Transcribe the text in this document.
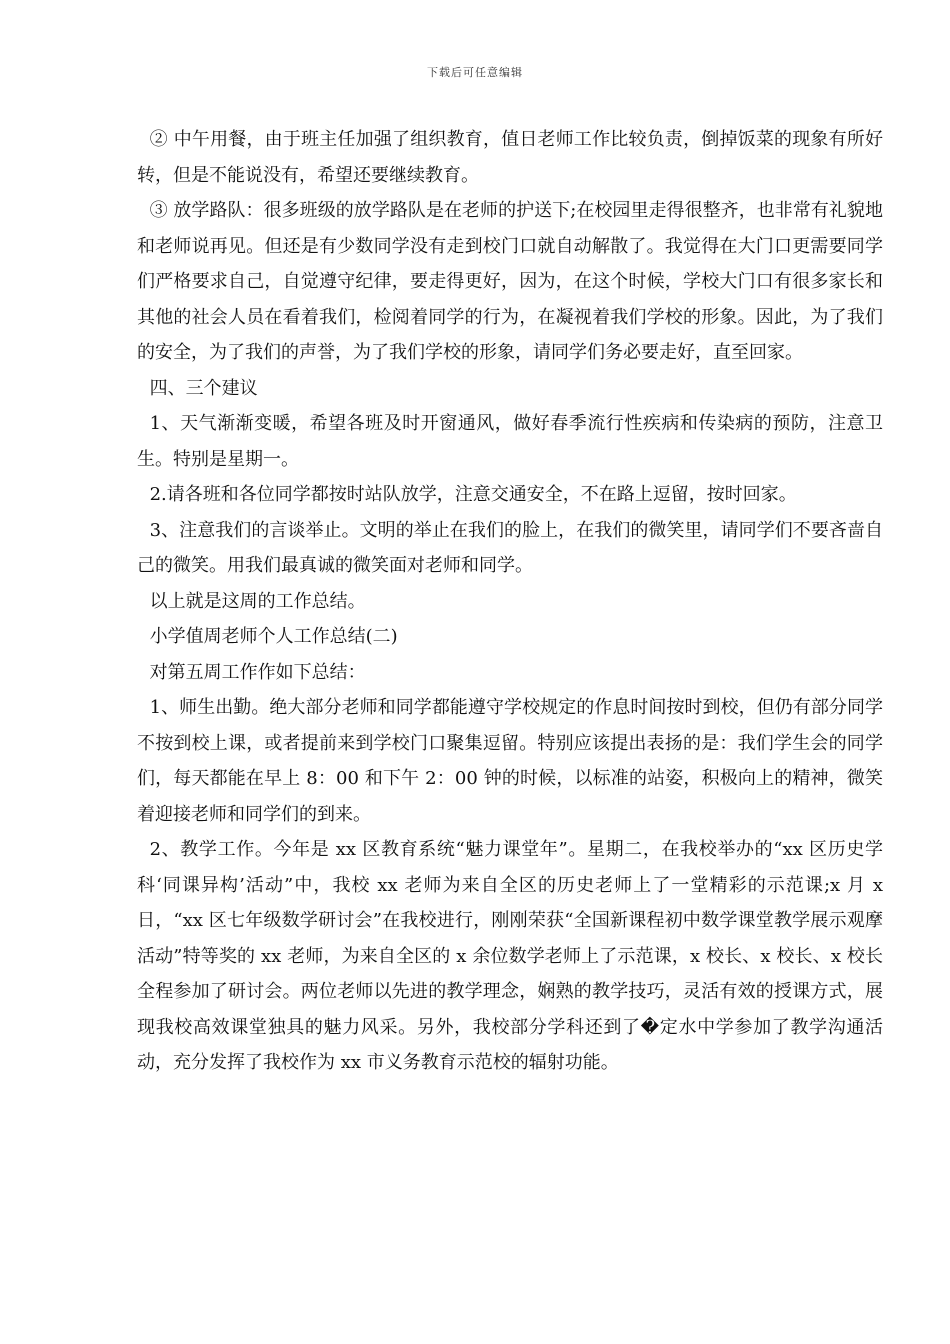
下载后可任意编辑

② 中午用餐，由于班主任加强了组织教育，值日老师工作比较负责，倒掉饭菜的现象有所好转，但是不能说没有，希望还要继续教育。

③ 放学路队：很多班级的放学路队是在老师的护送下;在校园里走得很整齐，也非常有礼貌地和老师说再见。但还是有少数同学没有走到校门口就自动解散了。我觉得在大门口更需要同学们严格要求自己，自觉遵守纪律，要走得更好，因为，在这个时候，学校大门口有很多家长和其他的社会人员在看着我们，检阅着同学的行为，在凝视着我们学校的形象。因此，为了我们的安全，为了我们的声誉，为了我们学校的形象，请同学们务必要走好，直至回家。

四、三个建议

1、天气渐渐变暖，希望各班及时开窗通风，做好春季流行性疾病和传染病的预防，注意卫生。特别是星期一。

2.请各班和各位同学都按时站队放学，注意交通安全，不在路上逗留，按时回家。

3、注意我们的言谈举止。文明的举止在我们的脸上，在我们的微笑里，请同学们不要吝啬自己的微笑。用我们最真诚的微笑面对老师和同学。

以上就是这周的工作总结。

小学值周老师个人工作总结(二)

对第五周工作作如下总结：

1、师生出勤。绝大部分老师和同学都能遵守学校规定的作息时间按时到校，但仍有部分同学不按到校上课，或者提前来到学校门口聚集逗留。特别应该提出表扬的是：我们学生会的同学们，每天都能在早上 8：00 和下午 2：00 钟的时候，以标准的站姿，积极向上的精神，微笑着迎接老师和同学们的到来。

2、教学工作。今年是 xx 区教育系统“魅力课堂年”。星期二，在我校举办的“xx 区历史学科‘同课异构’活动”中，我校 xx 老师为来自全区的历史老师上了一堂精彩的示范课;x 月 x 日，“xx 区七年级数学研讨会”在我校进行，刚刚荣获“全国新课程初中数学课堂教学展示观摩活动”特等奖的 xx 老师，为来自全区的 x 余位数学老师上了示范课，x 校长、x 校长、x 校长全程参加了研讨会。两位老师以先进的教学理念，娴熟的教学技巧，灵活有效的授课方式，展现我校高效课堂独具的魅力风采。另外，我校部分学科还到了�定水中学参加了教学沟通活动，充分发挥了我校作为 xx 市义务教育示范校的辐射功能。
